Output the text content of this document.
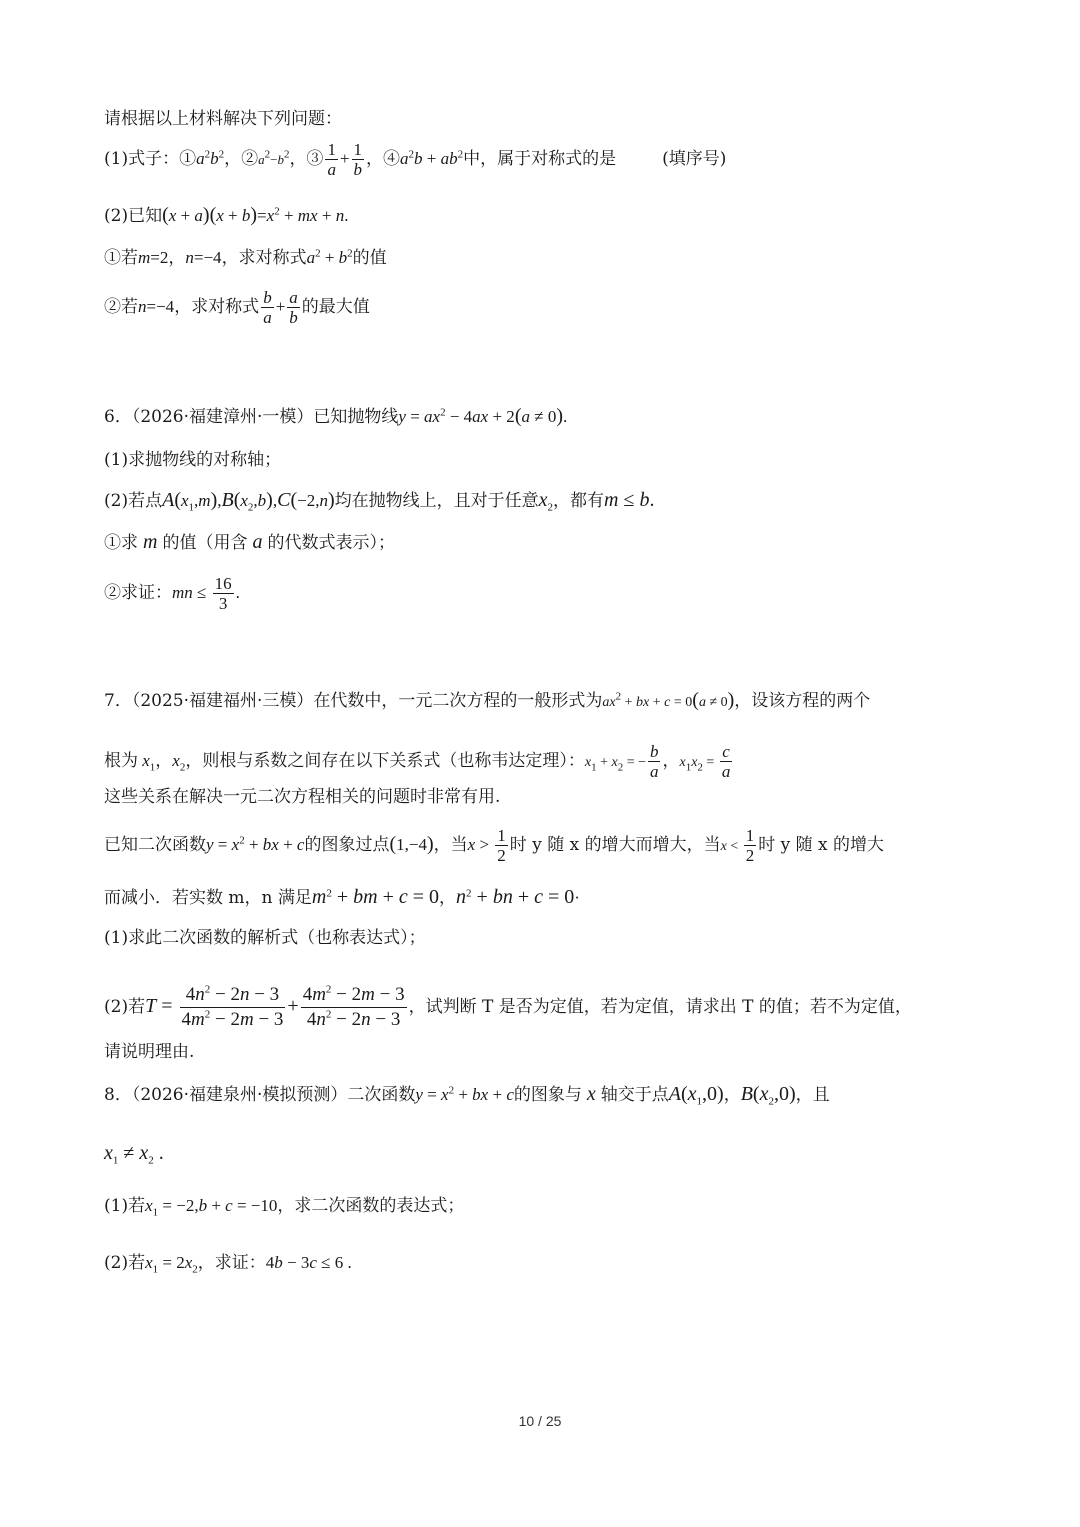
请根据以上材料解决下列问题：
(1)式子：$①a^2b^2$，$②a^2-b^2$，③ $\frac{1}{a} + \frac{1}{b}$ ，$④a^2b + ab^2$中，属于对称式的是	(填序号)
(2)已知$(x + a)(x + b)=x^2$ + mx + n.
①若m=2，n=−4，求对称式$a^2 + b^2$的值
②若n=−4，求对称式 $\frac{b}{a} + \frac{a}{b}$ 的最大值
6．（2026·福建漳州·一模）已知抛物线$y = ax^2 - 4ax + 2(a \ne 0)$.
(1)求抛物线的对称轴；
(2)若点$A(x_1,m),B(x_2,b),C(-2,n)$均在抛物线上，且对于任意$x_2$，都有m ≤ b.
①求 m 的值（用含 a 的代数式表示）；
②求证：mn ≤ $\frac{16}{3}$ .
7．（2025·福建福州·三模）在代数中，一元二次方程的一般形式为$ax^2$ + bx + c = 0(a ≠ 0)，设该方程的两个
根为 $x_1$，$x_2$，则根与系数之间存在以下关系式（也称韦达定理）：$x_1 + x_2$ = − $\frac{b}{a}$ ，$x_1x_2 = \frac{c}{a}$
这些关系在解决一元二次方程相关的问题时非常有用.
已知二次函数$y = x^2$ + bx + c的图象过点(1,−4)，当$x > \frac{1}{2}$ 时 y 随 x 的增大而增大，当$x < \frac{1}{2}$ 时 y 随 x 的增大
而减小．若实数 m，n 满足$m^2$ + bm + c = 0，$n^2$ + bn + c = 0·
(1)求此二次函数的解析式（也称表达式）；
(2)若$T = \frac{4n^2 - 2n - 3}{4m^2 - 2m - 3} + \frac{4m^2 - 2m - 3}{4n^2 - 2n - 3}$ ，试判断 T 是否为定值，若为定值，请求出 T 的值；若不为定值，
请说明理由.
8．（2026·福建泉州·模拟预测）二次函数$y = x^2$ + bx + c的图象与 x 轴交于点$A(x_1,0)$，$B(x_2,0)$，且
$x_1 \ne x_2$ .
(1)若$x_1 = -2,b + c = -10$，求二次函数的表达式；
(2)若$x_1 = 2x_2$，求证：4b − 3c ≤ 6 .
10 / 25
